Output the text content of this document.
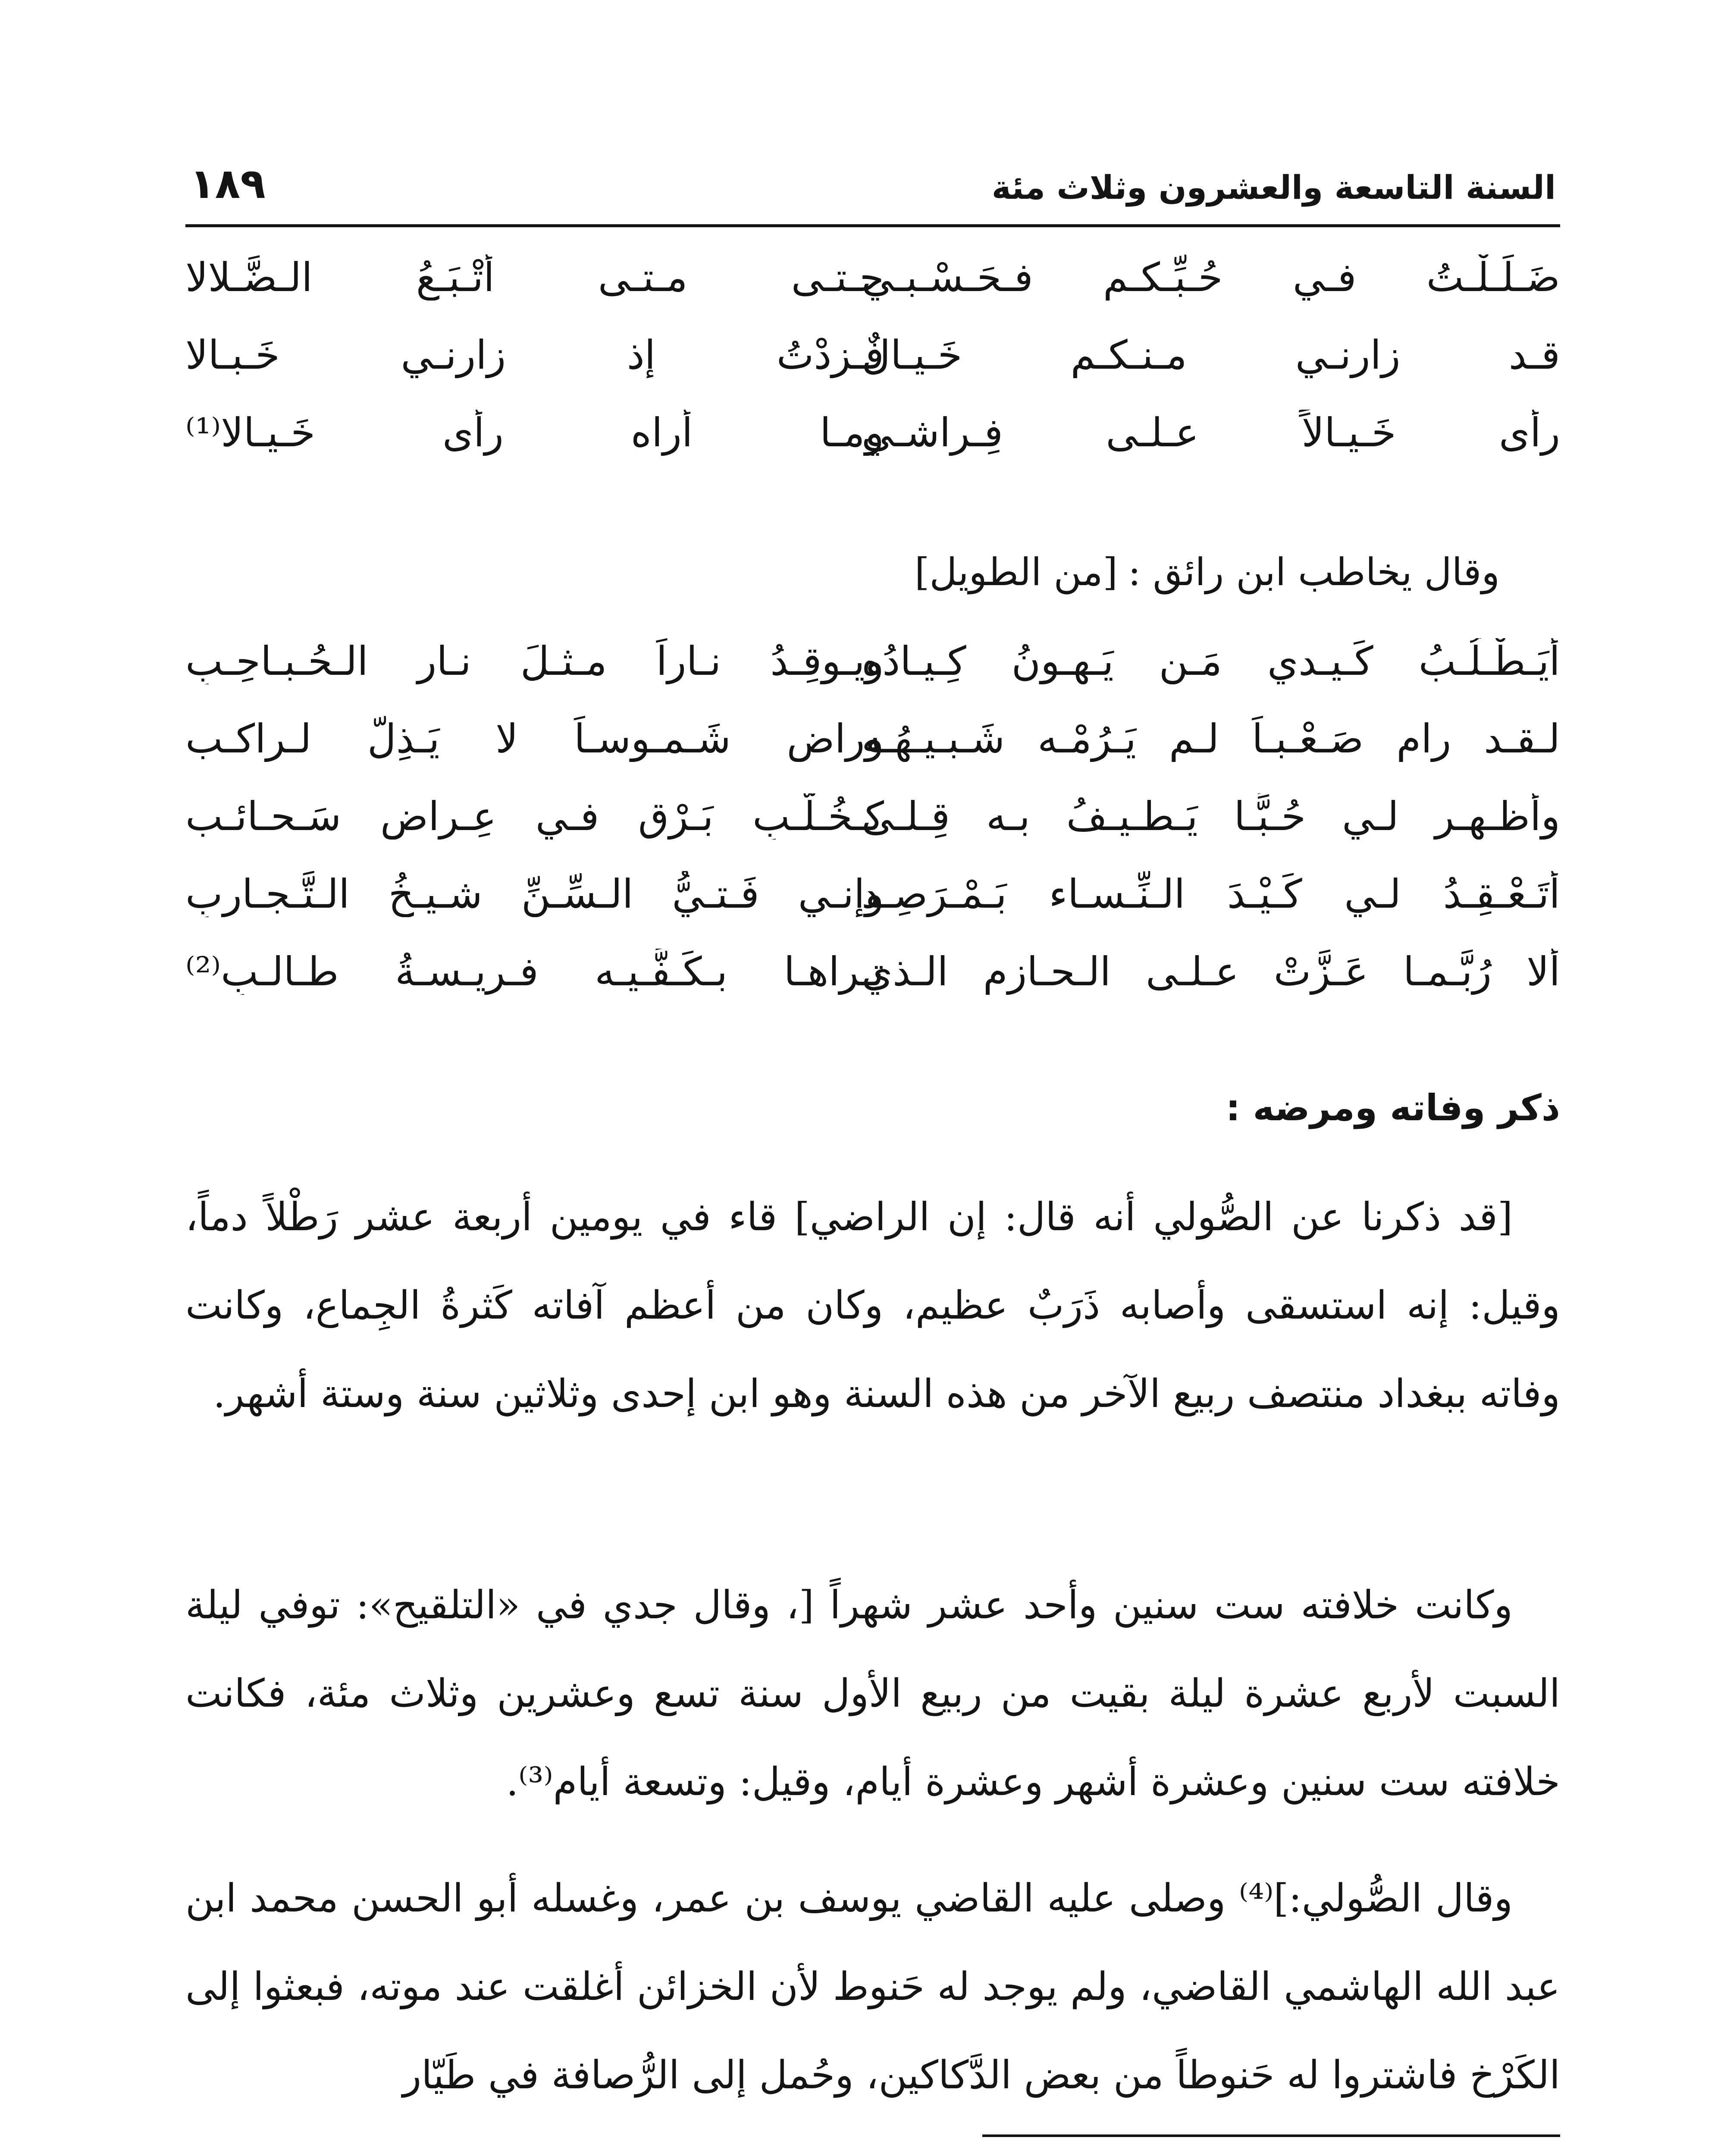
السنة التاسعة والعشرون وثلاث مئة
١٨٩
ضَـلَـلْـتُ فـي حُـبِّـكـم فـحَـسْـبـي
حـتـى مـتـى أتْـبَـعُ الـضَّـلالا
قـد زارنـي مـنـكـم خَـيـالٌ
فـزِدْتُ إذ زارنـي خَـبـالا
رأى خَـيـالاً عـلـى فِـراشـي
ومـا أُراه رأى خَـيـالا⁽¹⁾
وقال يخاطب ابن رائق :[من الطويل]
أيَـطْـلُـبُ كَـيـدي مَـن يَـهـونُ كِـيـادُه
ويـوقِـدُ نـاراً مـثـلَ نـارِ الـحُـبـاحِـبِ
لـقـد رام صَـعْـبـاً لـم يَـرُمْـه شَـبـيـهُـه
وراض شَـمـوسـاً لا يَـذِلُّ لـراكـب
وأظـهـر لـي حُـبًّـا يَـطـيـفُ بـه قِـلـى
كـخُـلَّـبِ بَـرْقٍ فـي عِـراضِ سَـحـائـب
أتَـعْـقِـدُ لـي كَـيْـدَ الـنِّـسـاء بَـمْـرَصِـد
وإنـي فَـتـيُّ الـسِّـنِّ شـيـخُ الـتَّـجـارِبِ
ألا رُبَّـمـا عَـزَّتْ عـلـى الـحـازم الـذي
تـراهـا بـكَـفَّـيـه فـريـسـةُ طـالـبِ⁽²⁾
ذكر وفاته ومرضه :

[قد ذكرنا عن الصُّولي أنه قال: إن الراضي] قاء في يومين أربعة عشر رَطْلاً دماً، وقيل: إنه استسقى وأصابه ذَرَبٌ عظيم، وكان من أعظم آفاته كَثرةُ الجِماع، وكانت وفاته ببغداد منتصف ربيع الآخر من هذه السنة وهو ابن إحدى وثلاثين سنة وستة أشهر.

وكانت خلافته ست سنين وأحد عشر شهراً [، وقال جدي في «التلقيح»: توفي ليلة السبت لأربع عشرة ليلة بقيت من ربيع الأول سنة تسع وعشرين وثلاث مئة، فكانت خلافته ست سنين وعشرة أشهر وعشرة أيام، وقيل: وتسعة أيام⁽³⁾.

وقال الصُّولي:]⁽⁴⁾ وصلى عليه القاضي يوسف بن عمر، وغسله أبو الحسن محمد ابن عبد الله الهاشمي القاضي، ولم يوجد له حَنوط لأن الخزائن أغلقت عند موته، فبعثوا إلى الكَرْخ فاشتروا له حَنوطاً من بعض الدَّكاكين، وحُمل إلى الرُّصافة في طَيّار
